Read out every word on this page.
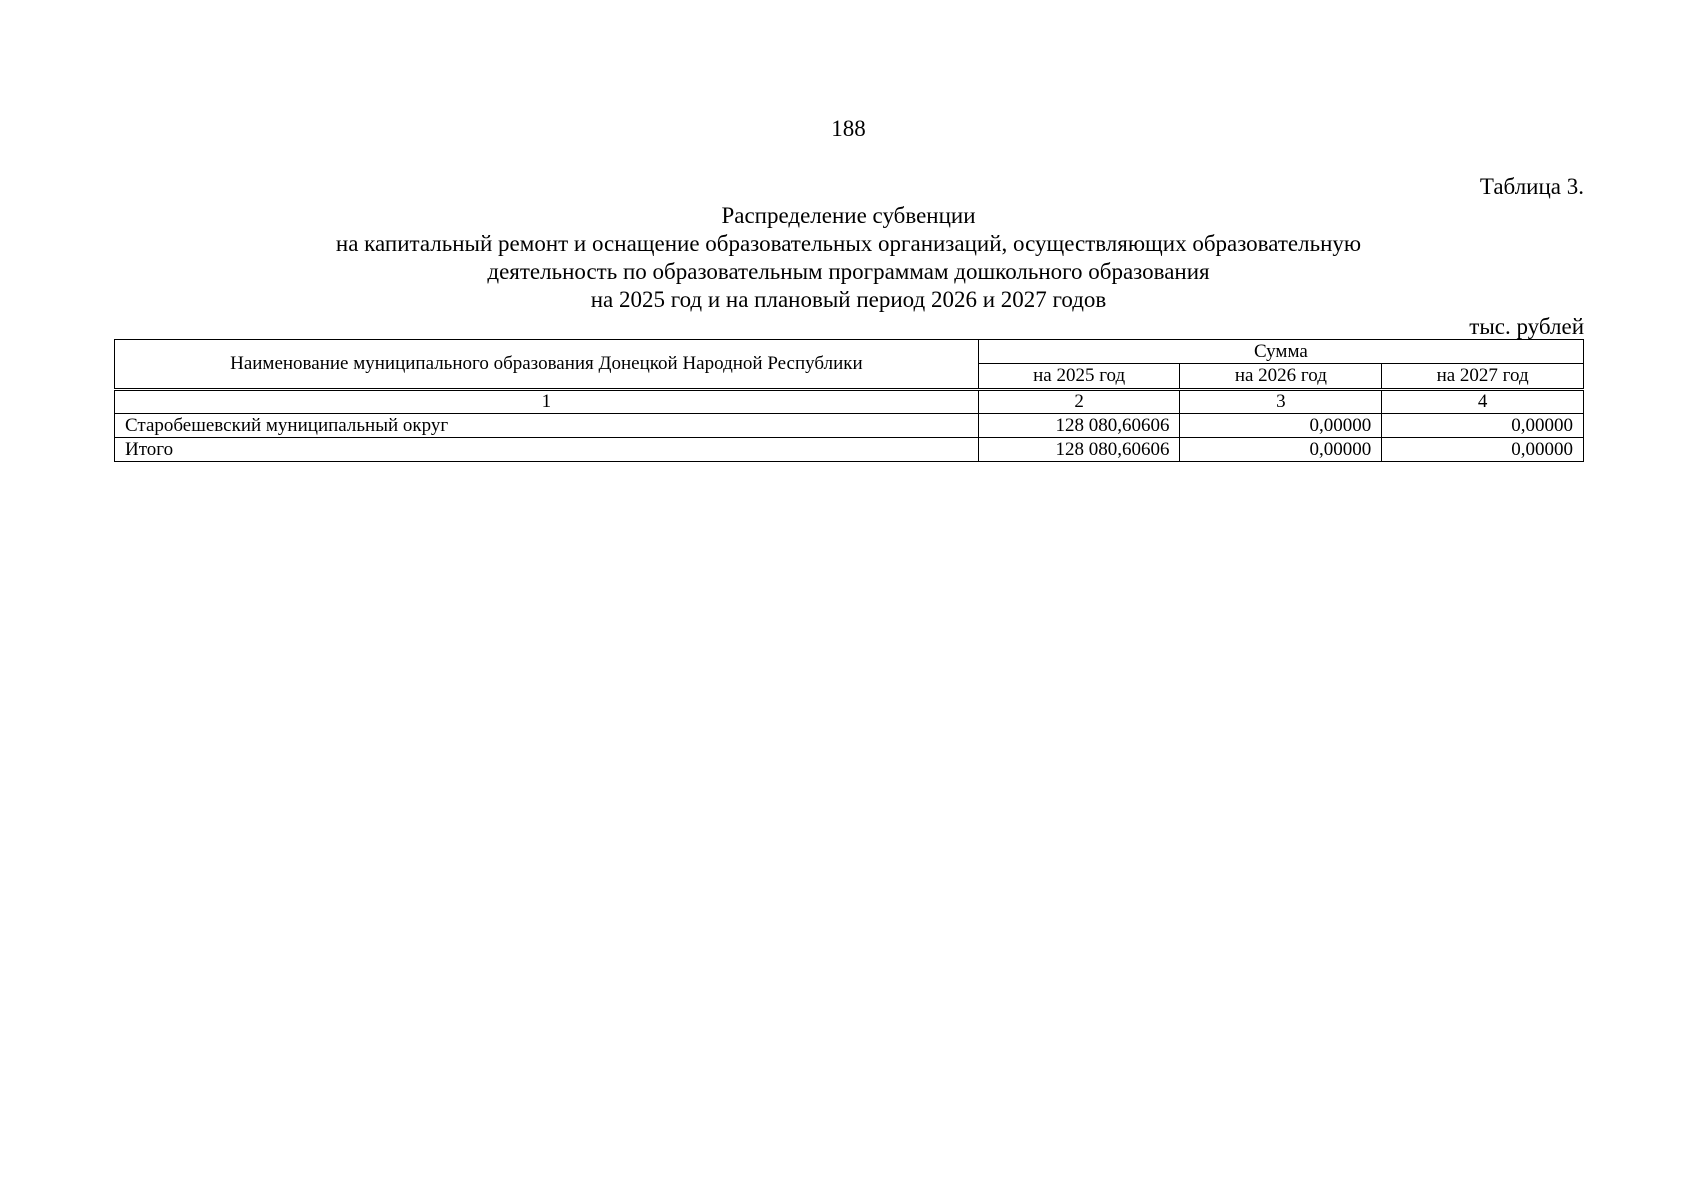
188
Таблица 3.
Распределение субвенции
на капитальный ремонт и оснащение образовательных организаций, осуществляющих образовательную
деятельность по образовательным программам дошкольного образования
на 2025 год и на плановый период 2026 и 2027 годов
тыс. рублей
Наименование муниципального образования Донецкой Народной Республики	Сумма		
	на 2025 год	на 2026 год	на 2027 год
1	2	3	4
Старобешевский муниципальный округ	128 080,60606	0,00000	0,00000
Итого	128 080,60606	0,00000	0,00000
